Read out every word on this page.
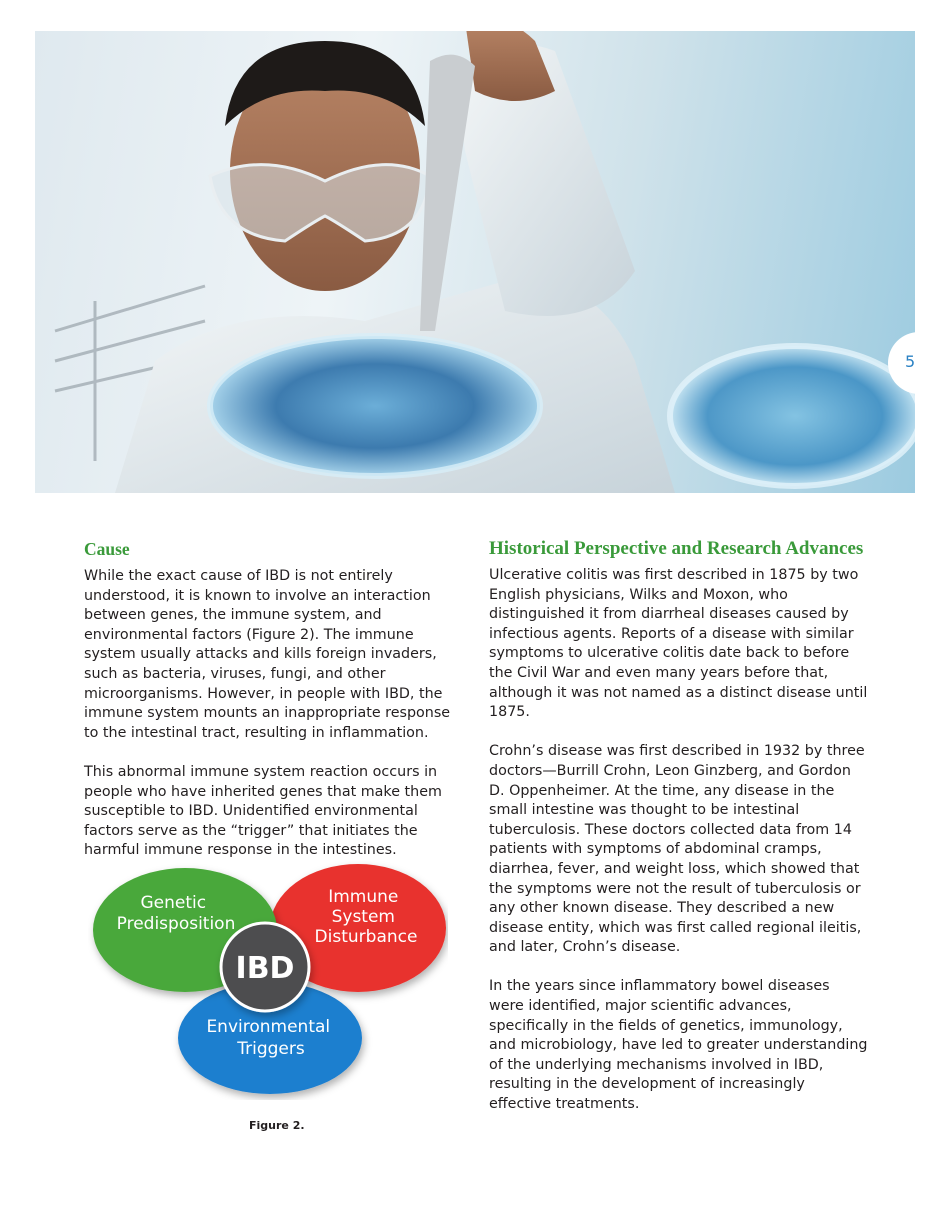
5
Cause

While the exact cause of IBD is not entirely understood, it is known to involve an interaction between genes, the immune system, and environmental factors (Figure 2). The immune system usually attacks and kills foreign invaders, such as bacteria, viruses, fungi, and other microorganisms. However, in people with IBD, the immune system mounts an inappropriate response to the intestinal tract, resulting in inflammation.

This abnormal immune system reaction occurs in people who have inherited genes that make them susceptible to IBD. Unidentified environmental factors serve as the “trigger” that initiates the harmful immune response in the intestines.

Genetic Predisposition
Immune System Disturbance
Environmental Triggers
IBD
Figure 2.
Historical Perspective and Research Advances

Ulcerative colitis was first described in 1875 by two English physicians, Wilks and Moxon, who distinguished it from diarrheal diseases caused by infectious agents. Reports of a disease with similar symptoms to ulcerative colitis date back to before the Civil War and even many years before that, although it was not named as a distinct disease until 1875.

Crohn’s disease was first described in 1932 by three doctors—Burrill Crohn, Leon Ginzberg, and Gordon D. Oppenheimer. At the time, any disease in the small intestine was thought to be intestinal tuberculosis. These doctors collected data from 14 patients with symptoms of abdominal cramps, diarrhea, fever, and weight loss, which showed that the symptoms were not the result of tuberculosis or any other known disease. They described a new disease entity, which was first called regional ileitis, and later, Crohn’s disease.

In the years since inflammatory bowel diseases were identified, major scientific advances, specifically in the fields of genetics, immunology, and microbiology, have led to greater understanding of the underlying mechanisms involved in IBD, resulting in the development of increasingly effective treatments.
